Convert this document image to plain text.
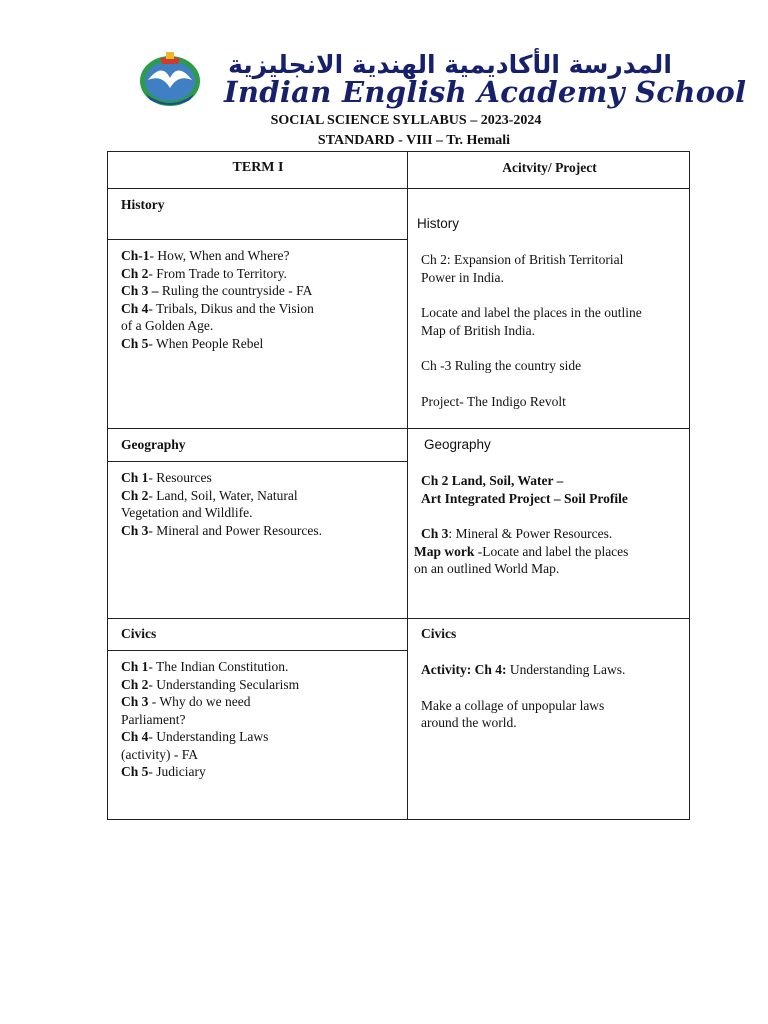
المدرسة الأكاديمية الهندية الانجليزية
Indian English Academy School
SOCIAL SCIENCE SYLLABUS – 2023-2024
STANDARD - VIII – Tr. Hemali
TERM I	Acitvity/ Project
History

Ch-1- How, When and Where?

Ch 2- From Trade to Territory.

Ch 3 – Ruling the countryside - FA

Ch 4- Tribals, Dikus and the Vision

of a Golden Age.

Ch 5- When People Rebel

History

Ch 2: Expansion of British Territorial

Power in India.

Locate and label the places in the outline

Map of British India.

Ch -3 Ruling the country side

Project- The Indigo Revolt

Geography

Ch 1- Resources

Ch 2- Land, Soil, Water, Natural

Vegetation and Wildlife.

Ch 3- Mineral and Power Resources.

Geography

Ch 2 Land, Soil, Water –

Art Integrated Project – Soil Profile

Ch 3: Mineral & Power Resources.

Map work -Locate and label the places

on an outlined World Map.

Civics

Ch 1- The Indian Constitution.

Ch 2- Understanding Secularism

Ch 3 - Why do we need

Parliament?

Ch 4- Understanding Laws

(activity) - FA

Ch 5- Judiciary

Civics

Activity: Ch 4: Understanding Laws.

Make a collage of unpopular laws

around the world.
